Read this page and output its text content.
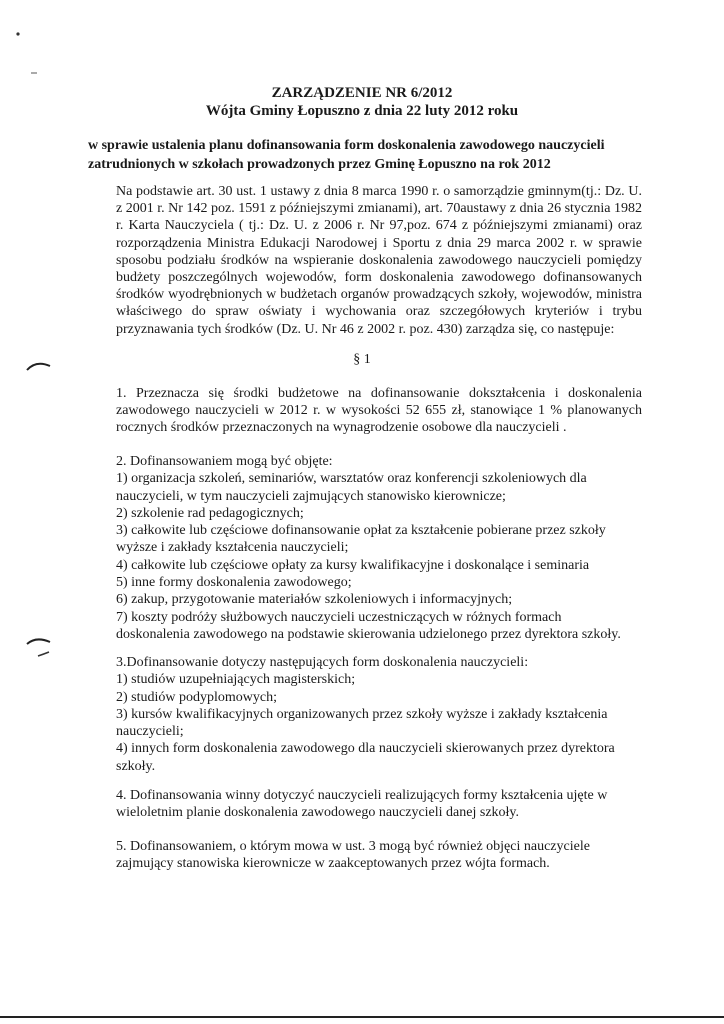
ZARZĄDZENIE NR 6/2012
Wójta Gminy Łopuszno z dnia 22 luty 2012 roku
w sprawie ustalenia planu dofinansowania form doskonalenia zawodowego nauczycieli zatrudnionych w szkołach prowadzonych przez Gminę Łopuszno na rok 2012
Na podstawie art. 30 ust. 1 ustawy z dnia 8 marca 1990 r. o samorządzie gminnym(tj.: Dz. U. z 2001 r. Nr 142 poz. 1591 z późniejszymi zmianami), art. 70austawy z dnia 26 stycznia 1982 r. Karta Nauczyciela ( tj.: Dz. U. z 2006 r. Nr 97,poz. 674 z późniejszymi zmianami) oraz rozporządzenia Ministra Edukacji Narodowej i Sportu z dnia 29 marca 2002 r. w sprawie sposobu podziału środków na wspieranie doskonalenia zawodowego nauczycieli pomiędzy budżety poszczególnych wojewodów, form doskonalenia zawodowego dofinansowanych środków wyodrębnionych w budżetach organów prowadzących szkoły, wojewodów, ministra właściwego do spraw oświaty i wychowania oraz szczegółowych kryteriów i trybu przyznawania tych środków (Dz. U. Nr 46 z 2002 r. poz. 430) zarządza się, co następuje:
§ 1
1. Przeznacza się środki budżetowe na dofinansowanie dokształcenia i doskonalenia zawodowego nauczycieli w 2012 r. w wysokości 52 655 zł, stanowiące 1 % planowanych rocznych środków przeznaczonych na wynagrodzenie osobowe dla nauczycieli .
2. Dofinansowaniem mogą być objęte:
1) organizacja szkoleń, seminariów, warsztatów oraz konferencji szkoleniowych dla
nauczycieli, w tym nauczycieli zajmujących stanowisko kierownicze;
2) szkolenie rad pedagogicznych;
3) całkowite lub częściowe dofinansowanie opłat za kształcenie pobierane przez szkoły
wyższe i zakłady kształcenia nauczycieli;
4) całkowite lub częściowe opłaty za kursy kwalifikacyjne i doskonalące i seminaria
5) inne formy doskonalenia zawodowego;
6) zakup, przygotowanie materiałów szkoleniowych i informacyjnych;
7) koszty podróży służbowych nauczycieli uczestniczących w różnych formach
doskonalenia zawodowego na podstawie skierowania udzielonego przez dyrektora szkoły.
3.Dofinansowanie dotyczy następujących form doskonalenia nauczycieli:
1) studiów uzupełniających magisterskich;
2) studiów podyplomowych;
3) kursów kwalifikacyjnych organizowanych przez szkoły wyższe i zakłady kształcenia
nauczycieli;
4) innych form doskonalenia zawodowego dla nauczycieli skierowanych przez dyrektora
szkoły.
4. Dofinansowania winny dotyczyć nauczycieli realizujących formy kształcenia ujęte w
wieloletnim planie doskonalenia zawodowego nauczycieli danej szkoły.
5. Dofinansowaniem, o którym mowa w ust. 3 mogą być również objęci nauczyciele
zajmujący stanowiska kierownicze w zaakceptowanych przez wójta formach.
